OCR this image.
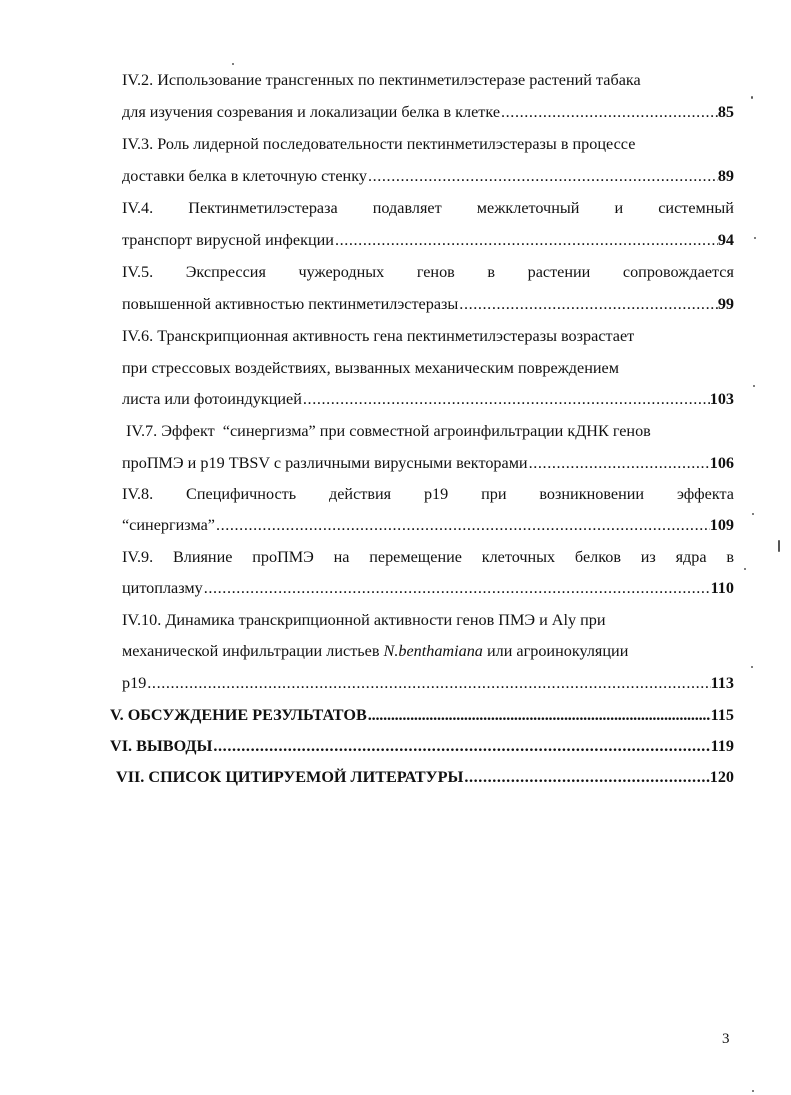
IV.2. Использование трансгенных по пектинметилэстеразе растений табака
для изучения созревания и локализации белка в клетке .....	85
IV.3. Роль лидерной последовательности пектинметилэстеразы в процессе
доставки белка в клеточную стенку .....	89
IV.4. Пектинметилэстераза подавляет межклеточный и системный
транспорт вирусной инфекции .....	94
IV.5. Экспрессия чужеродных генов в растении сопровождается
повышенной активностью пектинметилэстеразы .....	99
IV.6. Транскрипционная активность гена пектинметилэстеразы возрастает
при стрессовых воздействиях, вызванных механическим повреждением
листа или фотоиндукцией .....	103
IV.7. Эффект  “синергизма” при совместной агроинфильтрации кДНК генов
проПМЭ и р19 TBSV с различными вирусными векторами .....	106
IV.8. Специфичность действия р19 при возникновении эффекта
“синергизма” .....	109
IV.9. Влияние проПМЭ на перемещение клеточных белков из ядра в
цитоплазму .....	110
IV.10. Динамика транскрипционной активности генов ПМЭ и Aly при
механической инфильтрации листьев N.benthamiana или агроинокуляции
р19 .....	113
V. ОБСУЖДЕНИЕ РЕЗУЛЬТАТОВ .....	115
VI. ВЫВОДЫ .....	119
VII. СПИСОК ЦИТИРУЕМОЙ ЛИТЕРАТУРЫ .....	120
3
